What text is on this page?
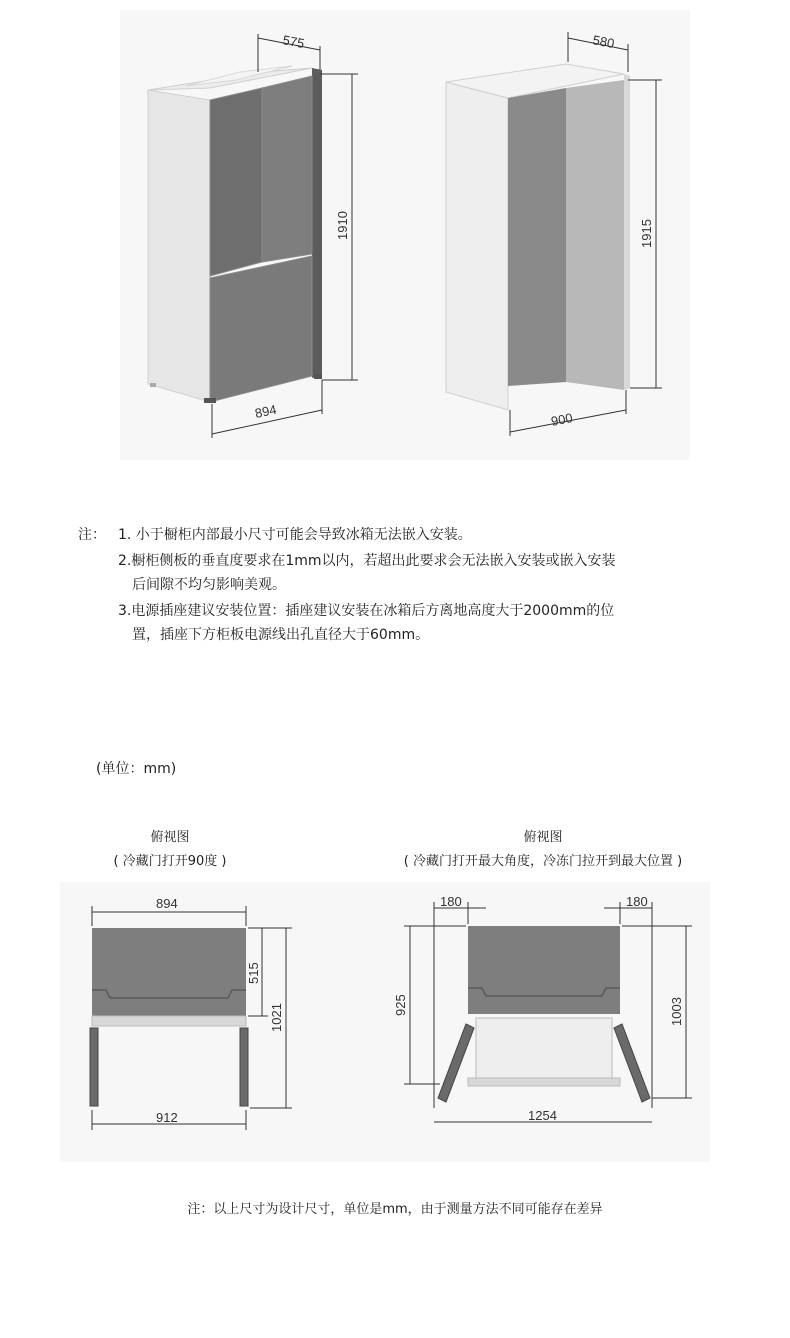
575
1910
894
580
1915
900
注： 1. 小于橱柜内部最小尺寸可能会导致冰箱无法嵌入安装。
2.橱柜侧板的垂直度要求在1mm以内，若超出此要求会无法嵌入安装或嵌入安装
后间隙不均匀影响美观。
3.电源插座建议安装位置：插座建议安装在冰箱后方离地高度大于2000mm的位
置，插座下方柜板电源线出孔直径大于60mm。
(单位：mm)
俯视图
( 冷藏门打开90度 )
俯视图
( 冷藏门打开最大角度，冷冻门拉开到最大位置 )
894
515
1021
912
180	180
925	1003
1254
注：以上尺寸为设计尺寸，单位是mm，由于测量方法不同可能存在差异
